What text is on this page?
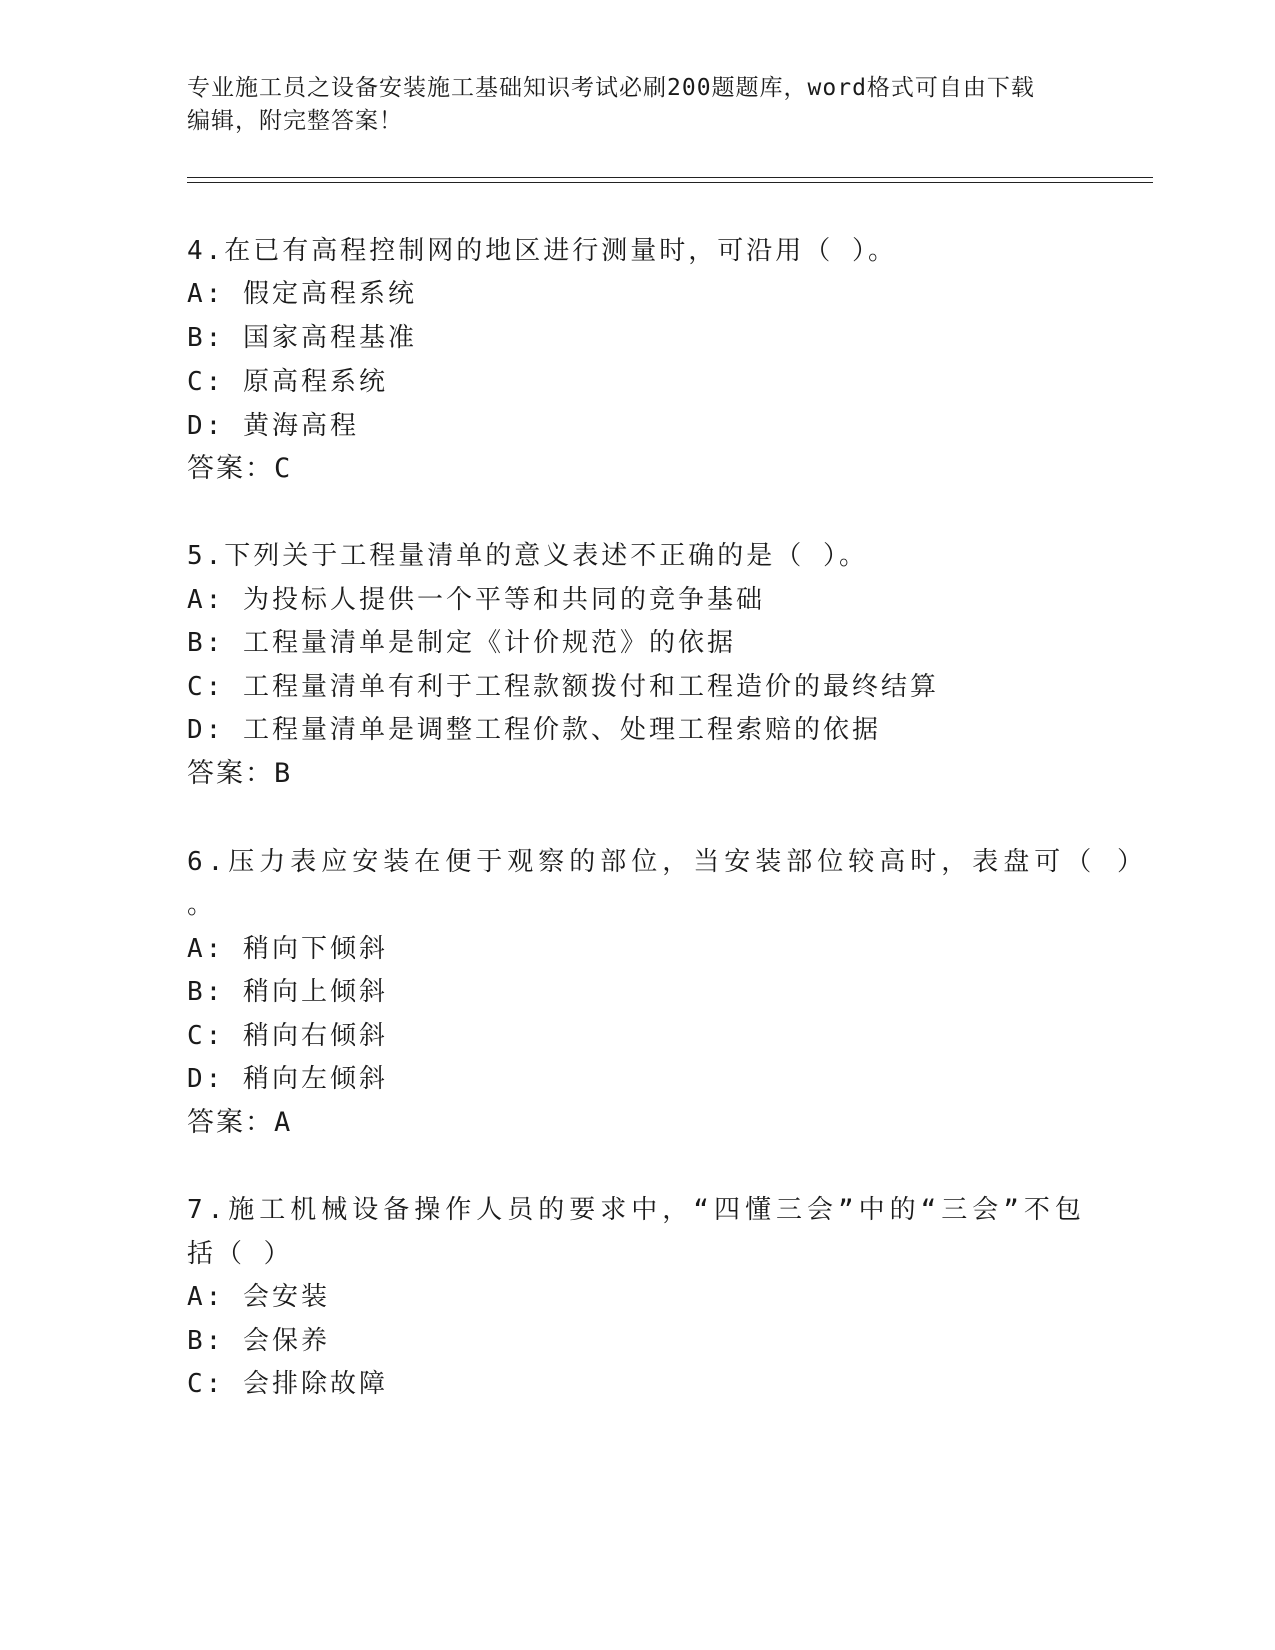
专业施工员之设备安装施工基础知识考试必刷200题题库，word格式可自由下载
编辑，附完整答案！
4.在已有高程控制网的地区进行测量时，可沿用（ ）。
A: 假定高程系统
B: 国家高程基准
C: 原高程系统
D: 黄海高程
答案：C
5.下列关于工程量清单的意义表述不正确的是（ ）。
A: 为投标人提供一个平等和共同的竞争基础
B: 工程量清单是制定《计价规范》的依据
C: 工程量清单有利于工程款额拨付和工程造价的最终结算
D: 工程量清单是调整工程价款、处理工程索赔的依据
答案：B
6.压力表应安装在便于观察的部位，当安装部位较高时，表盘可（ ）
。
A: 稍向下倾斜
B: 稍向上倾斜
C: 稍向右倾斜
D: 稍向左倾斜
答案：A
7.施工机械设备操作人员的要求中，“四懂三会”中的“三会”不包
括（ ）
A: 会安装
B: 会保养
C: 会排除故障
